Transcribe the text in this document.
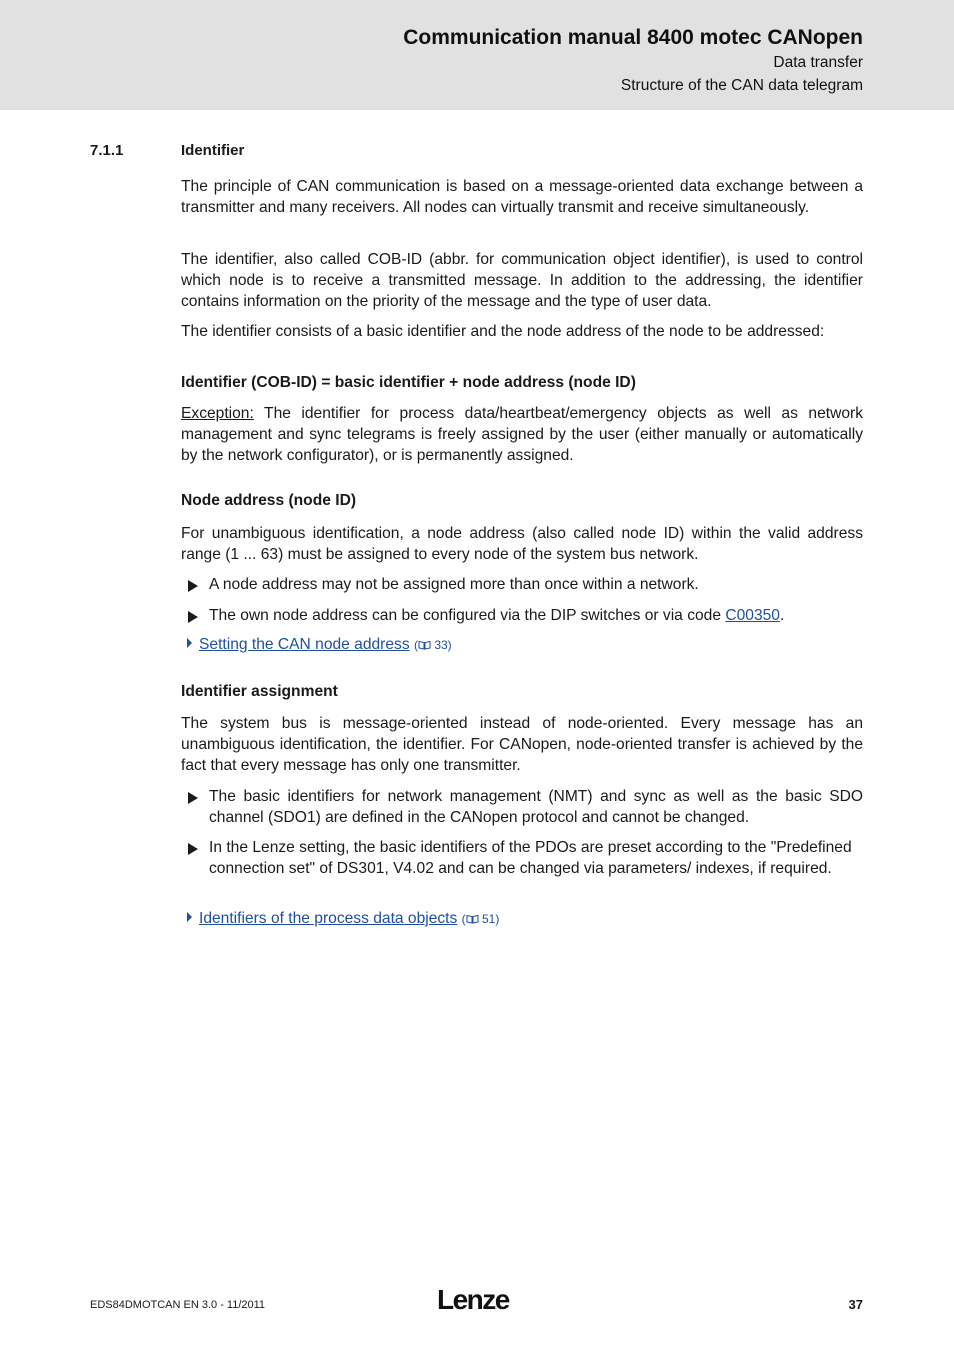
Communication manual 8400 motec CANopen
Data transfer
Structure of the CAN data telegram
7.1.1	Identifier

The principle of CAN communication is based on a message-oriented data exchange between a transmitter and many receivers. All nodes can virtually transmit and receive simultaneously.

The identifier, also called COB-ID (abbr. for communication object identifier), is used to control which node is to receive a transmitted message. In addition to the addressing, the identifier contains information on the priority of the message and the type of user data.

The identifier consists of a basic identifier and the node address of the node to be addressed:

Identifier (COB-ID) = basic identifier + node address (node ID)

Exception: The identifier for process data/heartbeat/emergency objects as well as network management and sync telegrams is freely assigned by the user (either manually or automatically by the network configurator), or is permanently assigned.

Node address (node ID)

For unambiguous identification, a node address (also called node ID) within the valid address range (1 ... 63) must be assigned to every node of the system bus network.

A node address may not be assigned more than once within a network.
The own node address can be configured via the DIP switches or via code C00350.
Setting the CAN node address ( 33)
Identifier assignment

The system bus is message-oriented instead of node-oriented. Every message has an unambiguous identification, the identifier. For CANopen, node-oriented transfer is achieved by the fact that every message has only one transmitter.

The basic identifiers for network management (NMT) and sync as well as the basic SDO channel (SDO1) are defined in the CANopen protocol and cannot be changed.
In the Lenze setting, the basic identifiers of the PDOs are preset according to the "Predefined connection set" of DS301, V4.02 and can be changed via parameters/ indexes, if required.
Identifiers of the process data objects ( 51)
EDS84DMOTCAN EN 3.0 - 11/2011	Lenze	37
